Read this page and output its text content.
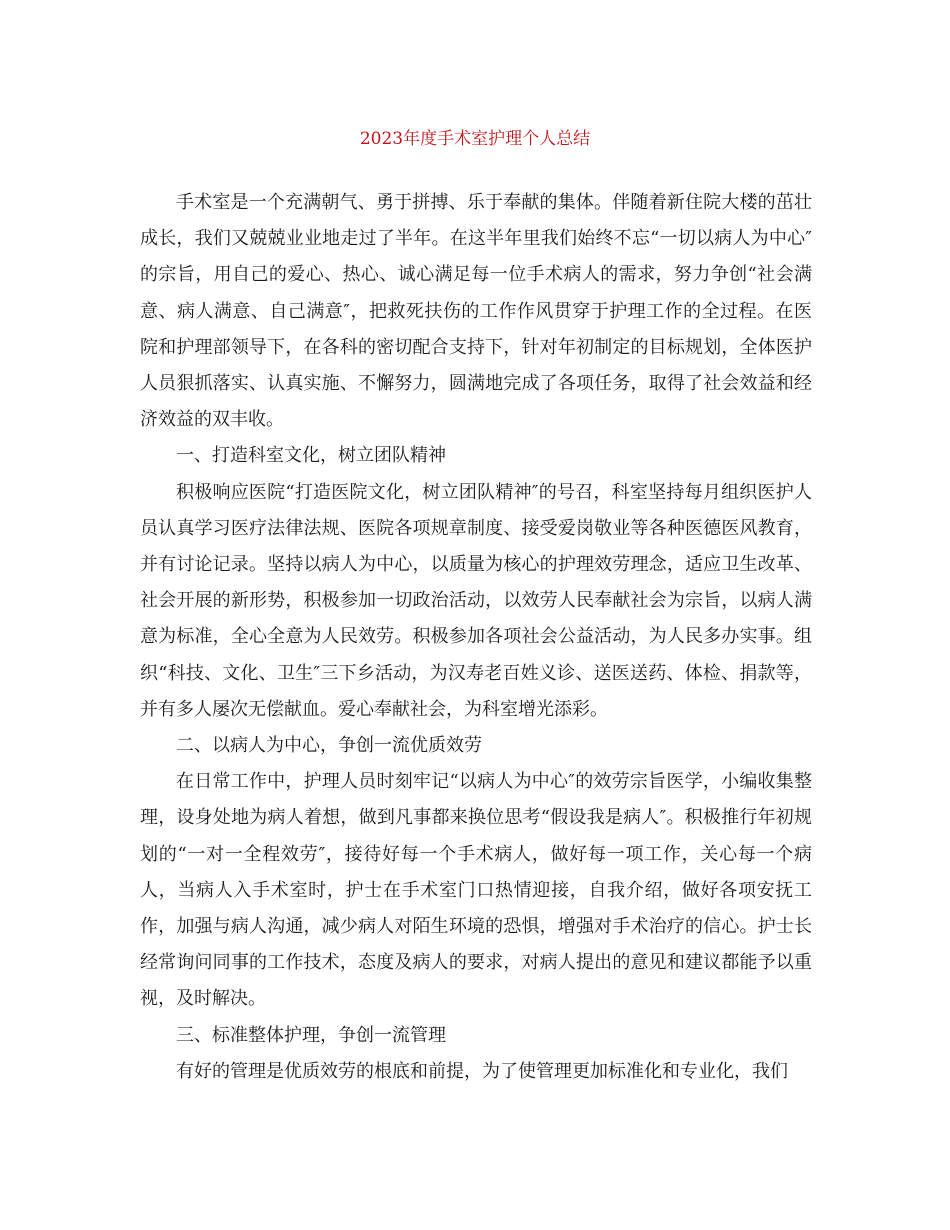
2023年度手术室护理个人总结

手术室是一个充满朝气、勇于拼搏、乐于奉献的集体。伴随着新住院大楼的茁壮成长，我们又兢兢业业地走过了半年。在这半年里我们始终不忘“一切以病人为中心″的宗旨，用自己的爱心、热心、诚心满足每一位手术病人的需求，努力争创“社会满意、病人满意、自己满意″，把救死扶伤的工作作风贯穿于护理工作的全过程。在医院和护理部领导下，在各科的密切配合支持下，针对年初制定的目标规划，全体医护人员狠抓落实、认真实施、不懈努力，圆满地完成了各项任务，取得了社会效益和经济效益的双丰收。

一、打造科室文化，树立团队精神

积极响应医院“打造医院文化，树立团队精神″的号召，科室坚持每月组织医护人员认真学习医疗法律法规、医院各项规章制度、接受爱岗敬业等各种医德医风教育，并有讨论记录。坚持以病人为中心，以质量为核心的护理效劳理念，适应卫生改革、社会开展的新形势，积极参加一切政治活动，以效劳人民奉献社会为宗旨，以病人满意为标准，全心全意为人民效劳。积极参加各项社会公益活动，为人民多办实事。组织“科技、文化、卫生″三下乡活动，为汉寿老百姓义诊、送医送药、体检、捐款等，并有多人屡次无偿献血。爱心奉献社会，为科室增光添彩。

二、以病人为中心，争创一流优质效劳

在日常工作中，护理人员时刻牢记“以病人为中心″的效劳宗旨医学，小编收集整理，设身处地为病人着想，做到凡事都来换位思考“假设我是病人″。积极推行年初规划的“一对一全程效劳″，接待好每一个手术病人，做好每一项工作，关心每一个病人，当病人入手术室时，护士在手术室门口热情迎接，自我介绍，做好各项安抚工作，加强与病人沟通，减少病人对陌生环境的恐惧，增强对手术治疗的信心。护士长经常询问同事的工作技术，态度及病人的要求，对病人提出的意见和建议都能予以重视，及时解决。

三、标准整体护理，争创一流管理

有好的管理是优质效劳的根底和前提，为了使管理更加标准化和专业化，我们
